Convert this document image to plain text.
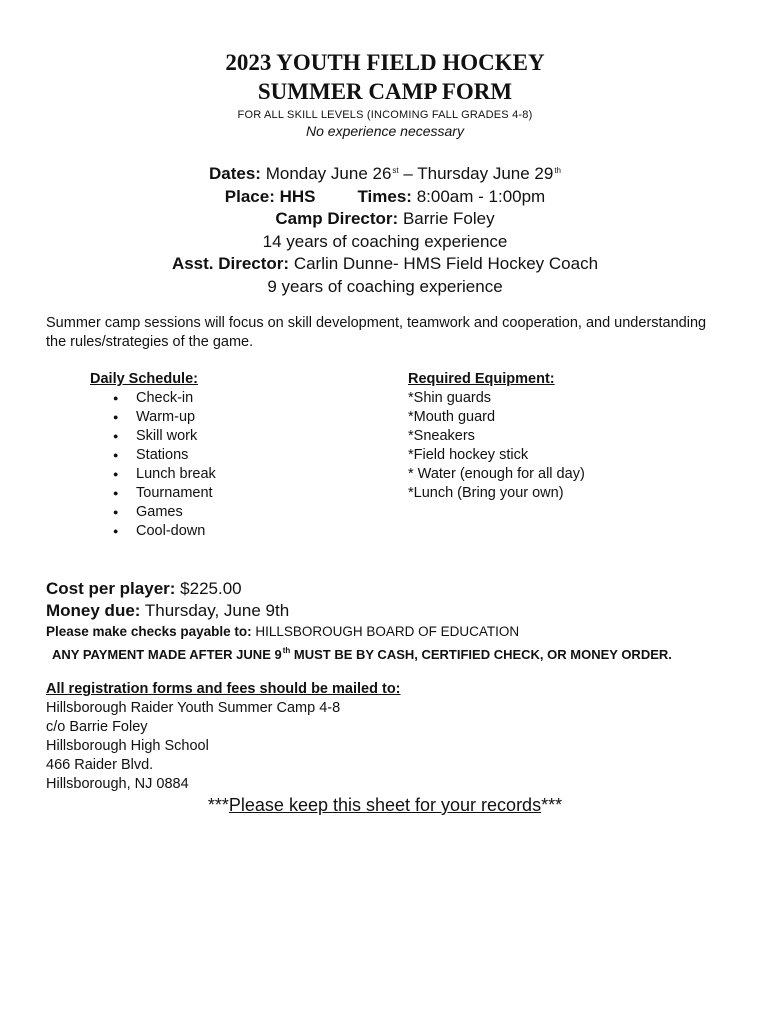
2023 YOUTH FIELD HOCKEY
SUMMER CAMP FORM
FOR ALL SKILL LEVELS (INCOMING FALL GRADES 4-8)
No experience necessary
Dates: Monday June 26st – Thursday June 29th
Place: HHS Times: 8:00am - 1:00pm
Camp Director: Barrie Foley
14 years of coaching experience
Asst. Director: Carlin Dunne- HMS Field Hockey Coach
9 years of coaching experience
Summer camp sessions will focus on skill development, teamwork and cooperation, and understanding the rules/strategies of the game.
Daily Schedule:
● Check-in
● Warm-up
● Skill work
● Stations
● Lunch break
● Tournament
● Games
● Cool-down
Required Equipment:
*Shin guards
*Mouth guard
*Sneakers
*Field hockey stick
* Water (enough for all day)
*Lunch (Bring your own)
Cost per player: $225.00
Money due: Thursday, June 9th
Please make checks payable to: HILLSBOROUGH BOARD OF EDUCATION
ANY PAYMENT MADE AFTER JUNE 9th MUST BE BY CASH, CERTIFIED CHECK, OR MONEY ORDER.
All registration forms and fees should be mailed to:
Hillsborough Raider Youth Summer Camp 4-8
c/o Barrie Foley
Hillsborough High School
466 Raider Blvd.
Hillsborough, NJ 0884
***Please keep this sheet for your records***
